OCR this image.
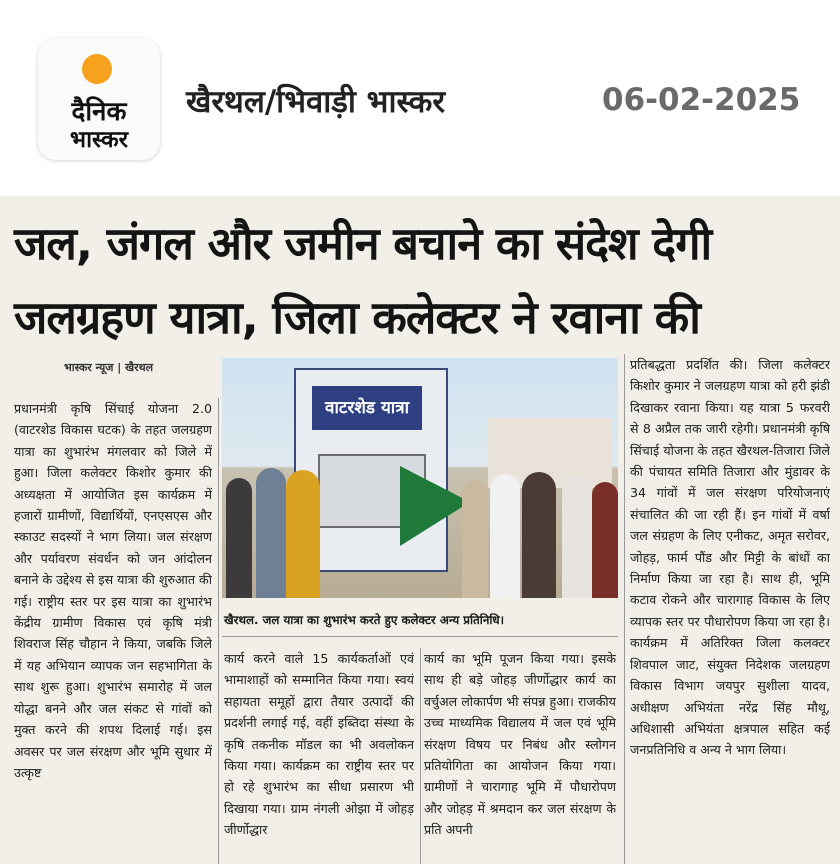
दैनिक
भास्कर
खैरथल/भिवाड़ी भास्कर	06-02-2025
जल, जंगल और जमीन बचाने का संदेश देगी
जलग्रहण यात्रा, जिला कलेक्टर ने रवाना की
भास्कर न्यूज | खैरथल
प्रधानमंत्री कृषि सिंचाई योजना 2.0 (वाटरशेड विकास घटक) के तहत जलग्रहण यात्रा का शुभारंभ मंगलवार को जिले में हुआ। जिला कलेक्टर किशोर कुमार की अध्यक्षता में आयोजित इस कार्यक्रम में हजारों ग्रामीणों, विद्यार्थियों, एनएसएस और स्काउट सदस्यों ने भाग लिया। जल संरक्षण और पर्यावरण संवर्धन को जन आंदोलन बनाने के उद्देश्य से इस यात्रा की शुरुआत की गई। राष्ट्रीय स्तर पर इस यात्रा का शुभारंभ केंद्रीय ग्रामीण विकास एवं कृषि मंत्री शिवराज सिंह चौहान ने किया, जबकि जिले में यह अभियान व्यापक जन सहभागिता के साथ शुरू हुआ। शुभारंभ समारोह में जल योद्धा बनने और जल संकट से गांवों को मुक्त करने की शपथ दिलाई गई। इस अवसर पर जल संरक्षण और भूमि सुधार में उत्कृष्ट
वाटरशेड यात्रा
खैरथल. जल यात्रा का शुभारंभ करते हुए कलेक्टर अन्य प्रतिनिधि।
कार्य करने वाले 15 कार्यकर्ताओं एवं भामाशाहों को सम्मानित किया गया। स्वयं सहायता समूहों द्वारा तैयार उत्पादों की प्रदर्शनी लगाई गई, वहीं इब्तिदा संस्था के कृषि तकनीक मॉडल का भी अवलोकन किया गया। कार्यक्रम का राष्ट्रीय स्तर पर हो रहे शुभारंभ का सीधा प्रसारण भी दिखाया गया। ग्राम नंगली ओझा में जोहड़ जीर्णोद्धार
कार्य का भूमि पूजन किया गया। इसके साथ ही बड़े जोहड़ जीर्णोद्धार कार्य का वर्चुअल लोकार्पण भी संपन्न हुआ। राजकीय उच्च माध्यमिक विद्यालय में जल एवं भूमि संरक्षण विषय पर निबंध और स्लोगन प्रतियोगिता का आयोजन किया गया। ग्रामीणों ने चारागाह भूमि में पौधारोपण और जोहड़ में श्रमदान कर जल संरक्षण के प्रति अपनी
प्रतिबद्धता प्रदर्शित की। जिला कलेक्टर किशोर कुमार ने जलग्रहण यात्रा को हरी झंडी दिखाकर रवाना किया। यह यात्रा 5 फरवरी से 8 अप्रैल तक जारी रहेगी। प्रधानमंत्री कृषि सिंचाई योजना के तहत खैरथल-तिजारा जिले की पंचायत समिति तिजारा और मुंडावर के 34 गांवों में जल संरक्षण परियोजनाएं संचालित की जा रही हैं। इन गांवों में वर्षा जल संग्रहण के लिए एनीकट, अमृत सरोवर, जोहड़, फार्म पौंड और मिट्टी के बांधों का निर्माण किया जा रहा है। साथ ही, भूमि कटाव रोकने और चारागाह विकास के लिए व्यापक स्तर पर पौधारोपण किया जा रहा है। कार्यक्रम में अतिरिक्त जिला कलक्टर शिवपाल जाट, संयुक्त निदेशक जलग्रहण विकास विभाग जयपुर सुशीला यादव, अधीक्षण अभियंता नरेंद्र सिंह मौथू, अधिशासी अभियंता क्षत्रपाल सहित कई जनप्रतिनिधि व अन्य ने भाग लिया।
